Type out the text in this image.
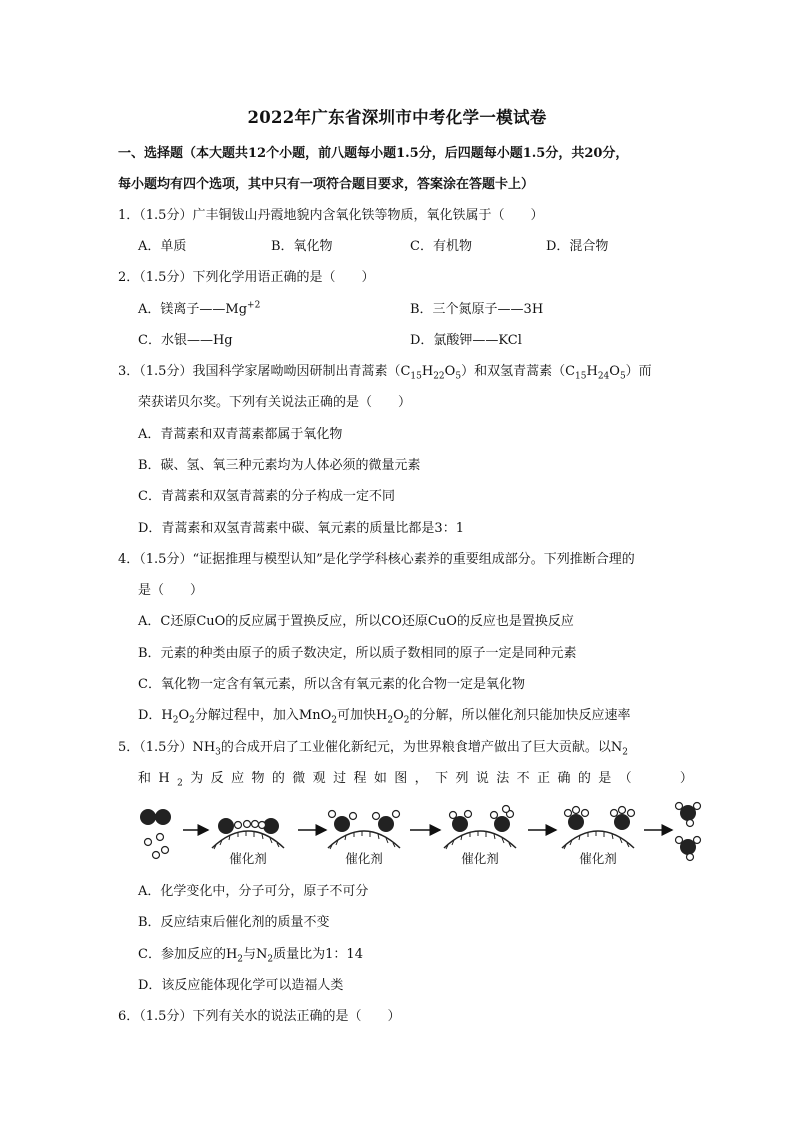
2022年广东省深圳市中考化学一模试卷
一、选择题（本大题共12个小题，前八题每小题1.5分，后四题每小题1.5分，共20分，
每小题均有四个选项，其中只有一项符合题目要求，答案涂在答题卡上）
1．（1.5分）广丰铜钹山丹霞地貌内含氧化铁等物质，氧化铁属于（　　）
A．单质	B．氧化物	C．有机物	D．混合物
2．（1.5分）下列化学用语正确的是（　　）
A．镁离子$——Mg^{+2}$	B．三个氮原子——3H
C．水银——Hg	D．氯酸钾——KCl
3．（1.5分）我国科学家屠呦呦因研制出青蒿素$(C_{15}H_{22}O_5)$和双氢青蒿素$(C_{15}H_{24}O_5)$而
荣获诺贝尔奖。下列有关说法正确的是（　　）
A．青蒿素和双青蒿素都属于氧化物
B．碳、氢、氧三种元素均为人体必须的微量元素
C．青蒿素和双氢青蒿素的分子构成一定不同
D．青蒿素和双氢青蒿素中碳、氧元素的质量比都是3：1
4．（1.5分）“证据推理与模型认知”是化学学科核心素养的重要组成部分。下列推断合理的
是（　　）
A．C还原CuO的反应属于置换反应，所以CO还原CuO的反应也是置换反应
B．元素的种类由原子的质子数决定，所以质子数相同的原子一定是同种元素
C．氧化物一定含有氧元素，所以含有氧元素的化合物一定是氧化物
D．$H_2O_2$分解过程中，加入MnO$_2$可加快$H_2O_2$的分解，所以催化剂只能加快反应速率
5．（1.5分）$NH_3$的合成开启了工业催化新纪元，为世界粮食增产做出了巨大贡献。以$N_2$
和$H_2$为反应物的微观过程如图，下列说法不正确的是（　　）
催化剂	催化剂	催化剂	催化剂
A．化学变化中，分子可分，原子不可分
B．反应结束后催化剂的质量不变
C．参加反应的$H_2$与$N_2$质量比为1：14
D．该反应能体现化学可以造福人类
6．（1.5分）下列有关水的说法正确的是（　　）
